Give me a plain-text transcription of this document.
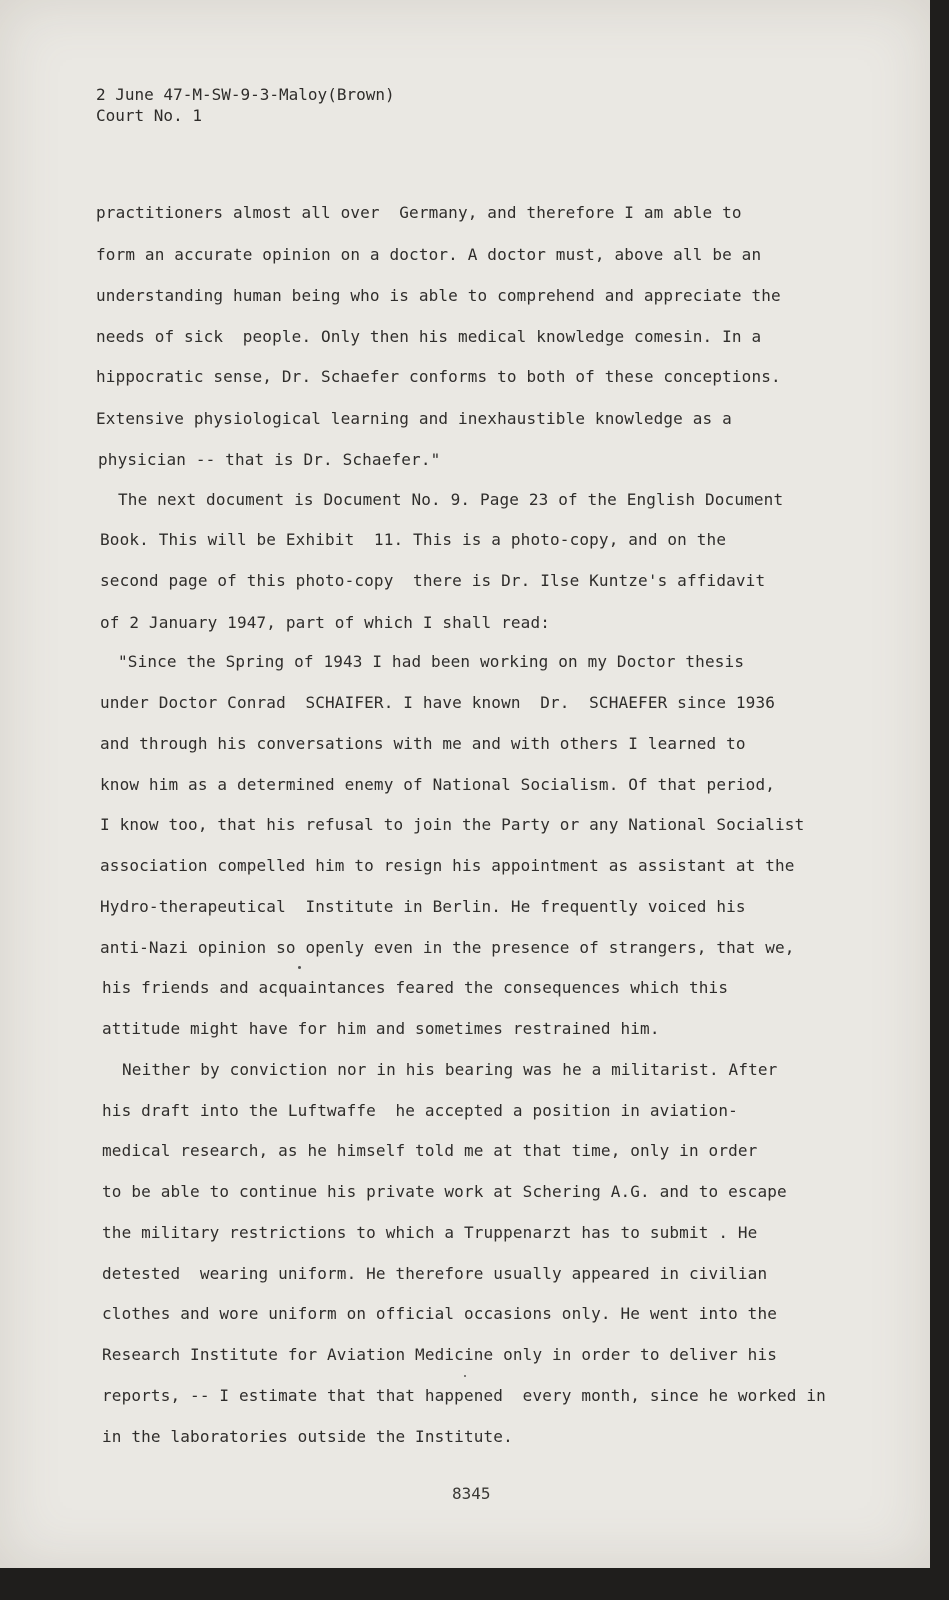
2 June 47-M-SW-9-3-Maloy(Brown)
Court No. 1
practitioners almost all over  Germany, and therefore I am able to
form an accurate opinion on a doctor. A doctor must, above all be an
understanding human being who is able to comprehend and appreciate the
needs of sick  people. Only then his medical knowledge comesin. In a
hippocratic sense, Dr. Schaefer conforms to both of these conceptions.
Extensive physiological learning and inexhaustible knowledge as a
physician -- that is Dr. Schaefer."
The next document is Document No. 9. Page 23 of the English Document
Book. This will be Exhibit  11. This is a photo-copy, and on the
second page of this photo-copy  there is Dr. Ilse Kuntze's affidavit
of 2 January 1947, part of which I shall read:
"Since the Spring of 1943 I had been working on my Doctor thesis
under Doctor Conrad  SCHAIFER. I have known  Dr.  SCHAEFER since 1936
and through his conversations with me and with others I learned to
know him as a determined enemy of National Socialism. Of that period,
I know too, that his refusal to join the Party or any National Socialist
association compelled him to resign his appointment as assistant at the
Hydro-therapeutical  Institute in Berlin. He frequently voiced his
anti-Nazi opinion so openly even in the presence of strangers, that we,
his friends and acquaintances feared the consequences which this
attitude might have for him and sometimes restrained him.
Neither by conviction nor in his bearing was he a militarist. After
his draft into the Luftwaffe  he accepted a position in aviation-
medical research, as he himself told me at that time, only in order
to be able to continue his private work at Schering A.G. and to escape
the military restrictions to which a Truppenarzt has to submit . He
detested  wearing uniform. He therefore usually appeared in civilian
clothes and wore uniform on official occasions only. He went into the
Research Institute for Aviation Medicine only in order to deliver his
reports, -- I estimate that that happened  every month, since he worked in
in the laboratories outside the Institute.
8345
